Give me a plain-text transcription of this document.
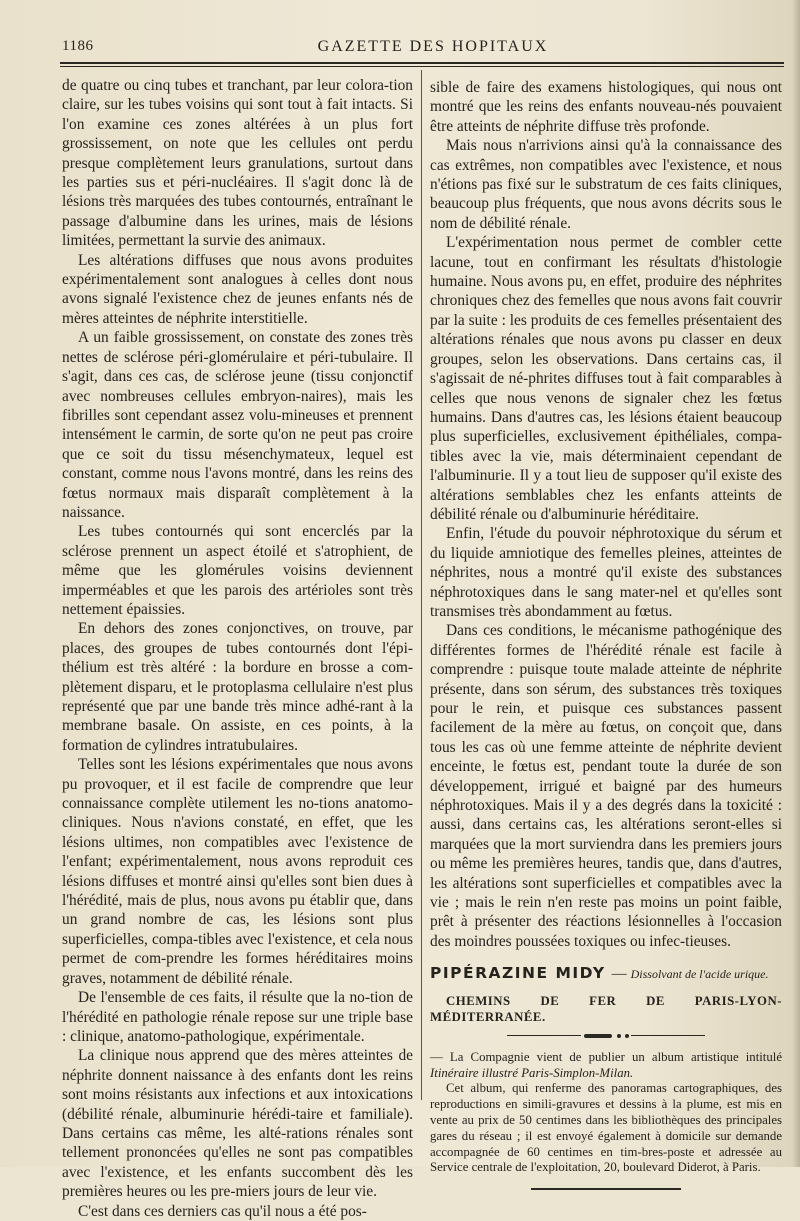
1186	GAZETTE DES HOPITAUX

de quatre ou cinq tubes et tranchant, par leur colora-tion claire, sur les tubes voisins qui sont tout à fait intacts. Si l'on examine ces zones altérées à un plus fort grossissement, on note que les cellules ont perdu presque complètement leurs granulations, surtout dans les parties sus et péri-nucléaires. Il s'agit donc là de lésions très marquées des tubes contournés, entraînant le passage d'albumine dans les urines, mais de lésions limitées, permettant la survie des animaux.

Les altérations diffuses que nous avons produites expérimentalement sont analogues à celles dont nous avons signalé l'existence chez de jeunes enfants nés de mères atteintes de néphrite interstitielle.

A un faible grossissement, on constate des zones très nettes de sclérose péri-glomérulaire et péri-tubulaire. Il s'agit, dans ces cas, de sclérose jeune (tissu conjonctif avec nombreuses cellules embryon-naires), mais les fibrilles sont cependant assez volu-mineuses et prennent intensément le carmin, de sorte qu'on ne peut pas croire que ce soit du tissu mésenchymateux, lequel est constant, comme nous l'avons montré, dans les reins des fœtus normaux mais disparaît complètement à la naissance.

Les tubes contournés qui sont encerclés par la sclérose prennent un aspect étoilé et s'atrophient, de même que les glomérules voisins deviennent imperméables et que les parois des artérioles sont très nettement épaissies.

En dehors des zones conjonctives, on trouve, par places, des groupes de tubes contournés dont l'épi-thélium est très altéré : la bordure en brosse a com-plètement disparu, et le protoplasma cellulaire n'est plus représenté que par une bande très mince adhé-rant à la membrane basale. On assiste, en ces points, à la formation de cylindres intratubulaires.

Telles sont les lésions expérimentales que nous avons pu provoquer, et il est facile de comprendre que leur connaissance complète utilement les no-tions anatomo-cliniques. Nous n'avions constaté, en effet, que les lésions ultimes, non compatibles avec l'existence de l'enfant; expérimentalement, nous avons reproduit ces lésions diffuses et montré ainsi qu'elles sont bien dues à l'hérédité, mais de plus, nous avons pu établir que, dans un grand nombre de cas, les lésions sont plus superficielles, compa-tibles avec l'existence, et cela nous permet de com-prendre les formes héréditaires moins graves, notamment de débilité rénale.

De l'ensemble de ces faits, il résulte que la no-tion de l'hérédité en pathologie rénale repose sur une triple base : clinique, anatomo-pathologique, expérimentale.

La clinique nous apprend que des mères atteintes de néphrite donnent naissance à des enfants dont les reins sont moins résistants aux infections et aux intoxications (débilité rénale, albuminurie hérédi-taire et familiale). Dans certains cas même, les alté-rations rénales sont tellement prononcées qu'elles ne sont pas compatibles avec l'existence, et les enfants succombent dès les premières heures ou les pre-miers jours de leur vie.

C'est dans ces derniers cas qu'il nous a été pos-

sible de faire des examens histologiques, qui nous ont montré que les reins des enfants nouveau-nés pouvaient être atteints de néphrite diffuse très profonde.

Mais nous n'arrivions ainsi qu'à la connaissance des cas extrêmes, non compatibles avec l'existence, et nous n'étions pas fixé sur le substratum de ces faits cliniques, beaucoup plus fréquents, que nous avons décrits sous le nom de débilité rénale.

L'expérimentation nous permet de combler cette lacune, tout en confirmant les résultats d'histologie humaine. Nous avons pu, en effet, produire des néphrites chroniques chez des femelles que nous avons fait couvrir par la suite : les produits de ces femelles présentaient des altérations rénales que nous avons pu classer en deux groupes, selon les observations. Dans certains cas, il s'agissait de né-phrites diffuses tout à fait comparables à celles que nous venons de signaler chez les fœtus humains. Dans d'autres cas, les lésions étaient beaucoup plus superficielles, exclusivement épithéliales, compa-tibles avec la vie, mais déterminaient cependant de l'albuminurie. Il y a tout lieu de supposer qu'il existe des altérations semblables chez les enfants atteints de débilité rénale ou d'albuminurie héréditaire.

Enfin, l'étude du pouvoir néphrotoxique du sérum et du liquide amniotique des femelles pleines, atteintes de néphrites, nous a montré qu'il existe des substances néphrotoxiques dans le sang mater-nel et qu'elles sont transmises très abondamment au fœtus.

Dans ces conditions, le mécanisme pathogénique des différentes formes de l'hérédité rénale est facile à comprendre : puisque toute malade atteinte de néphrite présente, dans son sérum, des substances très toxiques pour le rein, et puisque ces substances passent facilement de la mère au fœtus, on conçoit que, dans tous les cas où une femme atteinte de néphrite devient enceinte, le fœtus est, pendant toute la durée de son développement, irrigué et baigné par des humeurs néphrotoxiques. Mais il y a des degrés dans la toxicité : aussi, dans certains cas, les altérations seront-elles si marquées que la mort surviendra dans les premiers jours ou même les premières heures, tandis que, dans d'autres, les altérations sont superficielles et compatibles avec la vie ; mais le rein n'en reste pas moins un point faible, prêt à présenter des réactions lésionnelles à l'occasion des moindres poussées toxiques ou infec-tieuses.

PIPÉRAZINE MIDY — Dissolvant de l'acide urique.

CHEMINS DE FER DE PARIS-LYON-MÉDITERRANÉE.

— La Compagnie vient de publier un album artistique intitulé Itinéraire illustré Paris-Simplon-Milan.

Cet album, qui renferme des panoramas cartographiques, des reproductions en simili-gravures et dessins à la plume, est mis en vente au prix de 50 centimes dans les bibliothèques des principales gares du réseau ; il est envoyé également à domicile sur demande accompagnée de 60 centimes en tim-bres-poste et adressée au Service centrale de l'exploitation, 20, boulevard Diderot, à Paris.
